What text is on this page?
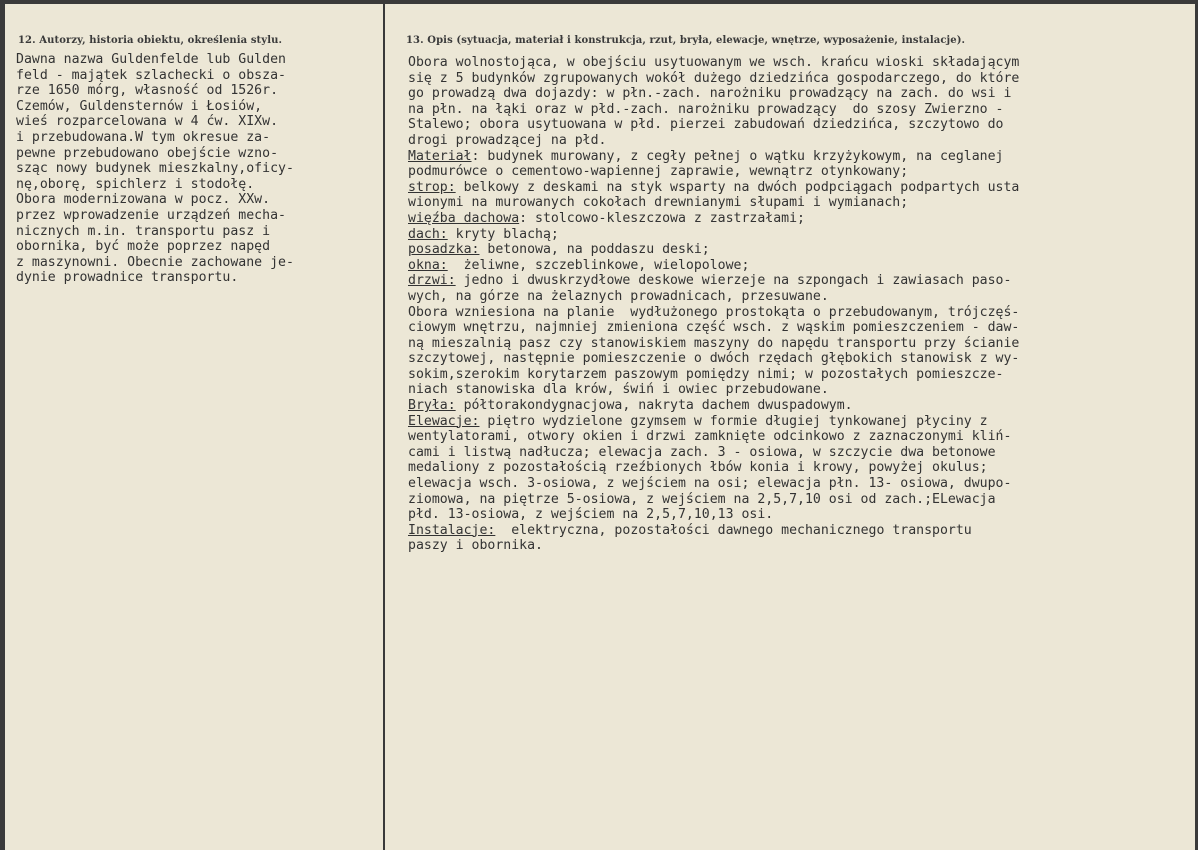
12. Autorzy, historia obiektu, określenia stylu.	13. Opis (sytuacja, materiał i konstrukcja, rzut, bryła, elewacje, wnętrze, wyposażenie, instalacje).
Dawna nazwa Guldenfelde lub Gulden
feld - majątek szlachecki o obsza-
rze 1650 mórg, własność od 1526r.
Czemów, Guldensternów i Łosiów,
wieś rozparcelowana w 4 ćw. XIXw.
i przebudowana.W tym okresue za-
pewne przebudowano obejście wzno-
sząc nowy budynek mieszkalny,oficy-
nę,oborę, spichlerz i stodołę.
Obora modernizowana w pocz. XXw.
przez wprowadzenie urządzeń mecha-
nicznych m.in. transportu pasz i
obornika, być może poprzez napęd
z maszynowni. Obecnie zachowane je-
dynie prowadnice transportu.
Obora wolnostojąca, w obejściu usytuowanym we wsch. krańcu wioski składającym
się z 5 budynków zgrupowanych wokół dużego dziedzińca gospodarczego, do które
go prowadzą dwa dojazdy: w płn.-zach. narożniku prowadzący na zach. do wsi i
na płn. na łąki oraz w płd.-zach. narożniku prowadzący  do szosy Zwierzno -
Stalewo; obora usytuowana w płd. pierzei zabudowań dziedzińca, szczytowo do
drogi prowadzącej na płd.
Materiał: budynek murowany, z cegły pełnej o wątku krzyżykowym, na ceglanej
podmurówce o cementowo-wapiennej zaprawie, wewnątrz otynkowany;
strop: belkowy z deskami na styk wsparty na dwóch podpciągach podpartych usta
wionymi na murowanych cokołach drewnianymi słupami i wymianach;
więźba dachowa: stolcowo-kleszczowa z zastrzałami;
dach: kryty blachą;
posadzka: betonowa, na poddaszu deski;
okna:  żeliwne, szczeblinkowe, wielopolowe;
drzwi: jedno i dwuskrzydłowe deskowe wierzeje na szpongach i zawiasach paso-
wych, na górze na żelaznych prowadnicach, przesuwane.
Obora wzniesiona na planie  wydłużonego prostokąta o przebudowanym, trójczęś-
ciowym wnętrzu, najmniej zmieniona część wsch. z wąskim pomieszczeniem - daw-
ną mieszalnią pasz czy stanowiskiem maszyny do napędu transportu przy ścianie
szczytowej, następnie pomieszczenie o dwóch rzędach głębokich stanowisk z wy-
sokim,szerokim korytarzem paszowym pomiędzy nimi; w pozostałych pomieszcze-
niach stanowiska dla krów, świń i owiec przebudowane.
Bryła: półtorakondygnacjowa, nakryta dachem dwuspadowym.
Elewacje: piętro wydzielone gzymsem w formie długiej tynkowanej płyciny z
wentylatorami, otwory okien i drzwi zamknięte odcinkowo z zaznaczonymi kliń-
cami i listwą nadłucza; elewacja zach. 3 - osiowa, w szczycie dwa betonowe
medaliony z pozostałością rzeźbionych łbów konia i krowy, powyżej okulus;
elewacja wsch. 3-osiowa, z wejściem na osi; elewacja płn. 13- osiowa, dwupo-
ziomowa, na piętrze 5-osiowa, z wejściem na 2,5,7,10 osi od zach.;ELewacja
płd. 13-osiowa, z wejściem na 2,5,7,10,13 osi.
Instalacje:  elektryczna, pozostałości dawnego mechanicznego transportu
paszy i obornika.
